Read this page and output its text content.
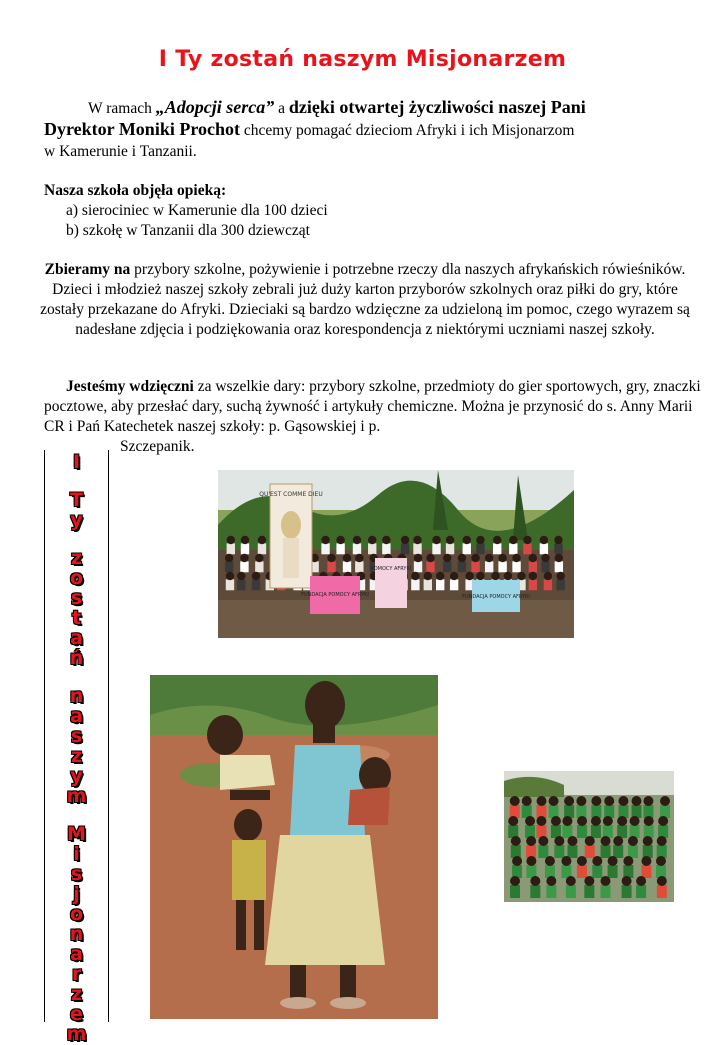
I Ty zostań naszym Misjonarzem
W ramach „Adopcji serca” a dzięki otwartej życzliwości naszej Pani
Dyrektor Moniki Prochot chcemy pomagać dzieciom Afryki i ich Misjonarzom
w Kamerunie i Tanzanii.
Nasza szkoła objęła opieką:
a) sierociniec w Kamerunie dla 100 dzieci
b) szkołę w Tanzanii dla 300 dziewcząt
Zbieramy na przybory szkolne, pożywienie i potrzebne rzeczy dla naszych afrykańskich rówieśników. Dzieci i młodzież naszej szkoły zebrali już duży karton przyborów szkolnych oraz piłki do gry, które zostały przekazane do Afryki. Dzieciaki są bardzo wdzięczne za udzieloną im pomoc, czego wyrazem są nadesłane zdjęcia i podziękowania oraz korespondencja z niektórymi uczniami naszej szkoły.
Jesteśmy wdzięczni za wszelkie dary: przybory szkolne, przedmioty do gier sportowych, gry, znaczki pocztowe, aby przesłać dary, suchą żywność i artykuły chemiczne. Można je przynosić do s. Anny Marii CR i Pań Katechetek naszej szkoły: p. Gąsowskiej i p.
Szczepanik.
I
T
y
z
o
s
t
a
ń
n
a
s
z
y
m
M
i
s
j
o
n
a
r
z
e
m
QU'EST COMME DIEU
FUNDACJA POMOCY AFRYKI
POMOCY AFRYKI
FUNDACJA POMOCY AFRYKI
